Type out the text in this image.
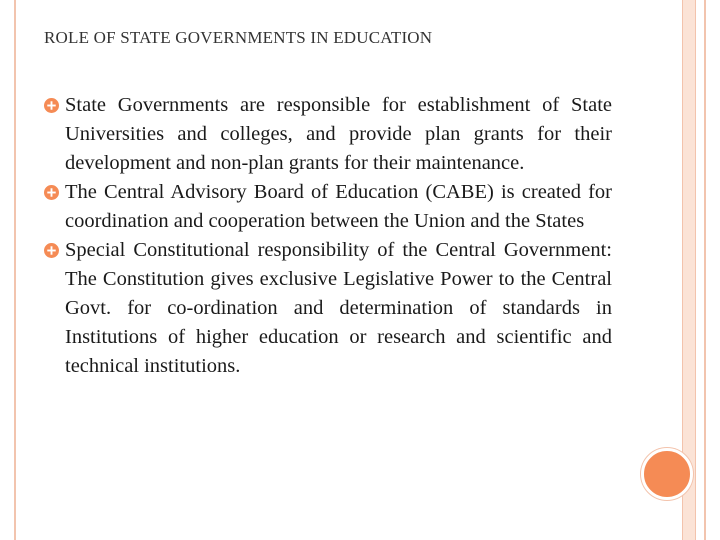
ROLE OF STATE GOVERNMENTS IN EDUCATION
State Governments are responsible for establishment of State Universities and colleges, and provide plan grants for their development and non-plan grants for their maintenance.
The Central Advisory Board of Education (CABE) is created for coordination and cooperation between the Union and the States
Special Constitutional responsibility of the Central Government: The Constitution gives exclusive Legislative Power to the Central Govt. for co-ordination and determination of standards in Institutions of higher education or research and scientific and technical institutions.
